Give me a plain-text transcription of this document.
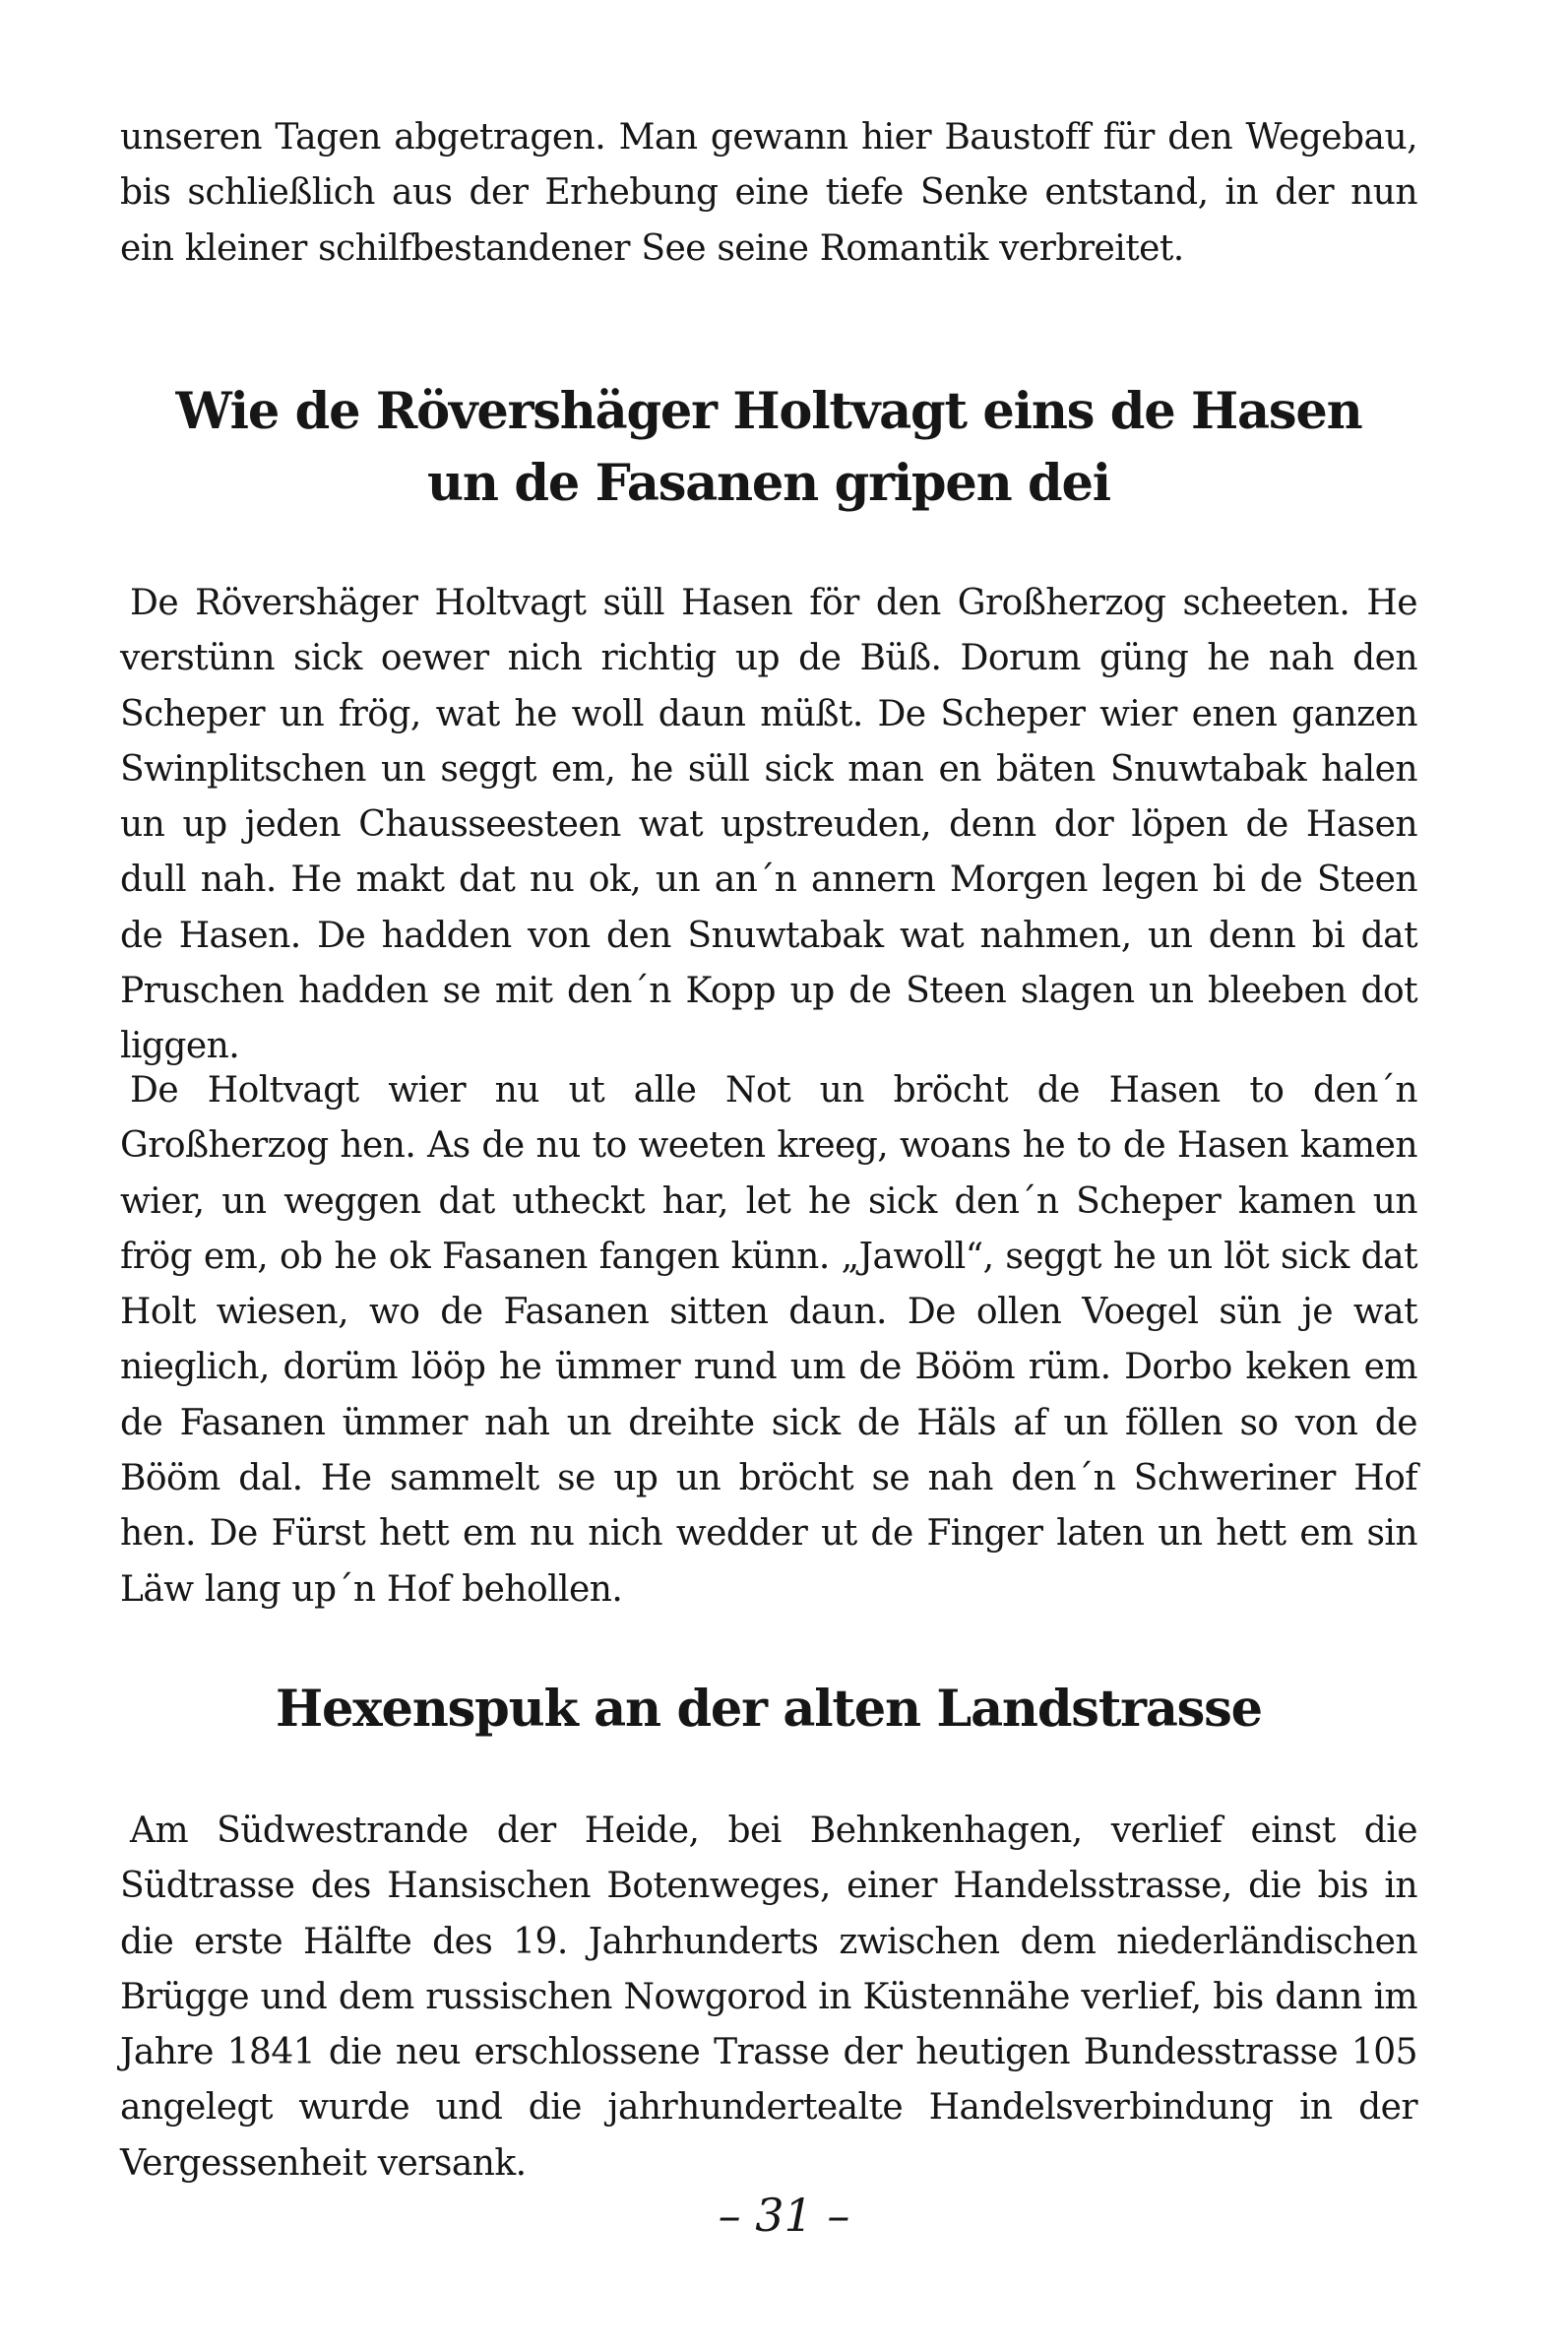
unseren Tagen abgetragen. Man gewann hier Baustoff für den Wegebau, bis schließlich aus der Erhebung eine tiefe Senke entstand, in der nun ein kleiner schilfbestandener See seine Romantik verbreitet.

Wie de Rövershäger Holtvagt eins de Hasen
un de Fasanen gripen dei

De Rövershäger Holtvagt süll Hasen för den Großherzog scheeten. He verstünn sick oewer nich richtig up de Büß. Dorum güng he nah den Scheper un frög, wat he woll daun müßt. De Scheper wier enen ganzen Swinplitschen un seggt em, he süll sick man en bäten Snuwtabak halen un up jeden Chausseesteen wat upstreuden, denn dor löpen de Hasen dull nah. He makt dat nu ok, un an´n annern Morgen legen bi de Steen de Hasen. De hadden von den Snuwtabak wat nahmen, un denn bi dat Pruschen hadden se mit den´n Kopp up de Steen slagen un bleeben dot liggen.

De Holtvagt wier nu ut alle Not un bröcht de Hasen to den´n Großherzog hen. As de nu to weeten kreeg, woans he to de Hasen kamen wier, un weggen dat utheckt har, let he sick den´n Scheper kamen un frög em, ob he ok Fasanen fangen künn. „Jawoll“, seggt he un löt sick dat Holt wiesen, wo de Fasanen sitten daun. De ollen Voegel sün je wat nieglich, dorüm lööp he ümmer rund um de Bööm rüm. Dorbo keken em de Fasanen ümmer nah un dreihte sick de Häls af un föllen so von de Bööm dal. He sammelt se up un bröcht se nah den´n Schweriner Hof hen. De Fürst hett em nu nich wedder ut de Finger laten un hett em sin Läw lang up´n Hof behollen.

Hexenspuk an der alten Landstrasse

Am Südwestrande der Heide, bei Behnkenhagen, verlief einst die Südtrasse des Hansischen Botenweges, einer Handelsstrasse, die bis in die erste Hälfte des 19. Jahrhunderts zwischen dem niederländischen Brügge und dem russischen Nowgorod in Küstennähe verlief, bis dann im Jahre 1841 die neu erschlossene Trasse der heutigen Bundesstrasse 105 angelegt wurde und die jahrhundertealte Handelsverbindung in der Vergessenheit versank.

– 31 –
